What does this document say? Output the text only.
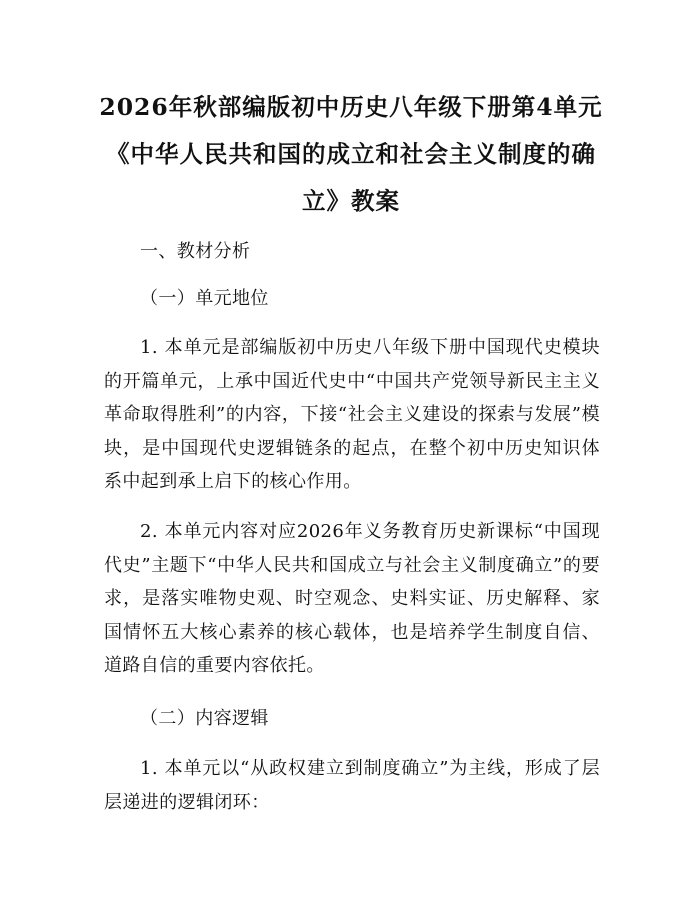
2026年秋部编版初中历史八年级下册第4单元《中华人民共和国的成立和社会主义制度的确立》教案

一、教材分析

（一）单元地位

1. 本单元是部编版初中历史八年级下册中国现代史模块的开篇单元，上承中国近代史中“中国共产党领导新民主主义革命取得胜利”的内容，下接“社会主义建设的探索与发展”模块，是中国现代史逻辑链条的起点，在整个初中历史知识体系中起到承上启下的核心作用。

2. 本单元内容对应2026年义务教育历史新课标“中国现代史”主题下“中华人民共和国成立与社会主义制度确立”的要求，是落实唯物史观、时空观念、史料实证、历史解释、家国情怀五大核心素养的核心载体，也是培养学生制度自信、道路自信的重要内容依托。

（二）内容逻辑

1. 本单元以“从政权建立到制度确立”为主线，形成了层层递进的逻辑闭环：
